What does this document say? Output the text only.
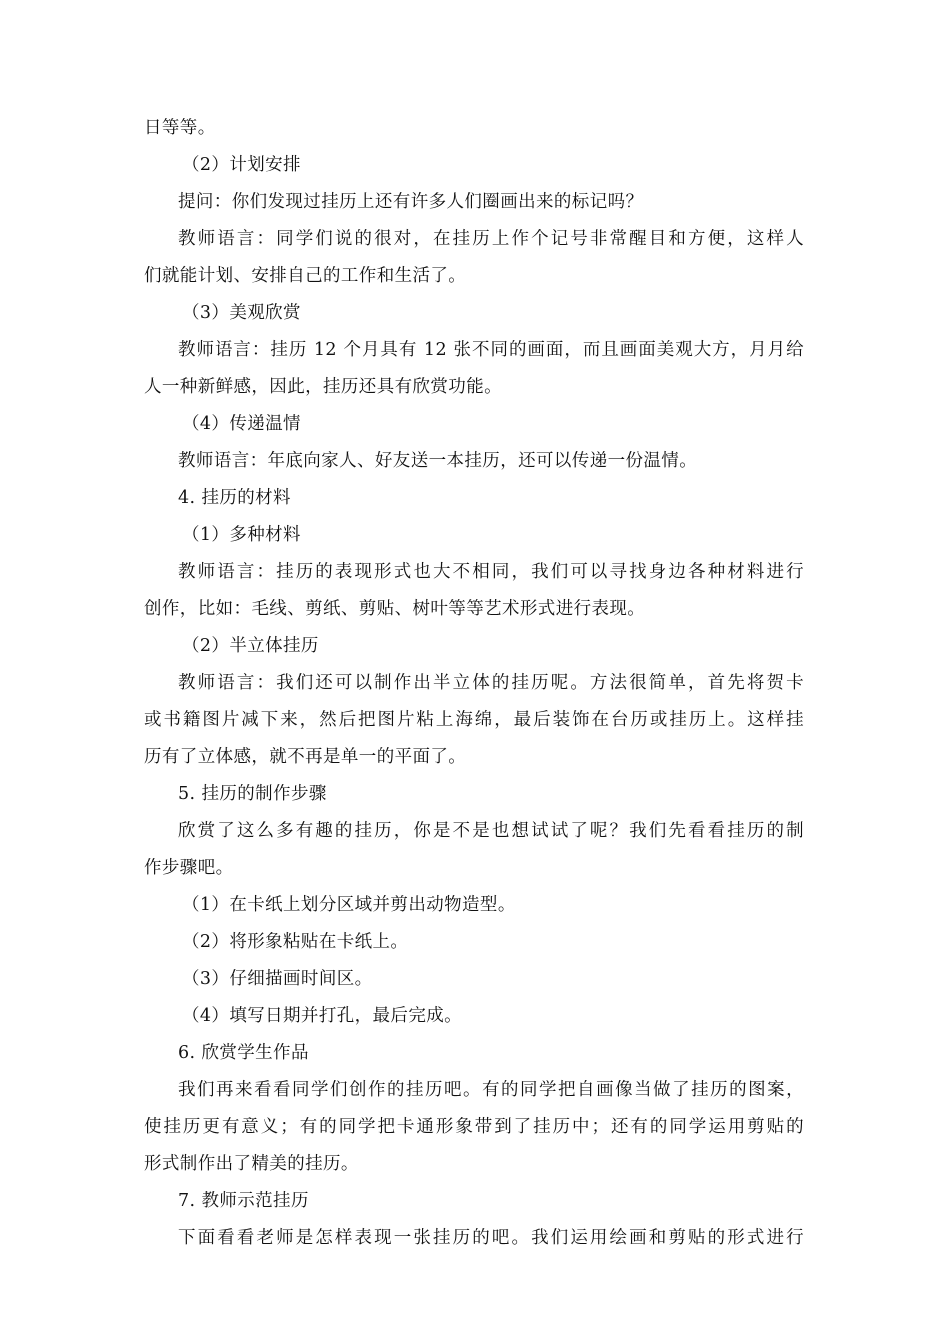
日等等。
（2）计划安排
提问：你们发现过挂历上还有许多人们圈画出来的标记吗？
教师语言：同学们说的很对，在挂历上作个记号非常醒目和方便，这样人
们就能计划、安排自己的工作和生活了。
（3）美观欣赏
教师语言：挂历 12 个月具有 12 张不同的画面，而且画面美观大方，月月给
人一种新鲜感，因此，挂历还具有欣赏功能。
（4）传递温情
教师语言：年底向家人、好友送一本挂历，还可以传递一份温情。
4. 挂历的材料
（1）多种材料
教师语言：挂历的表现形式也大不相同，我们可以寻找身边各种材料进行
创作，比如：毛线、剪纸、剪贴、树叶等等艺术形式进行表现。
（2）半立体挂历
教师语言：我们还可以制作出半立体的挂历呢。方法很简单，首先将贺卡
或书籍图片减下来，然后把图片粘上海绵，最后装饰在台历或挂历上。这样挂
历有了立体感，就不再是单一的平面了。
5. 挂历的制作步骤
欣赏了这么多有趣的挂历，你是不是也想试试了呢？我们先看看挂历的制
作步骤吧。
（1）在卡纸上划分区域并剪出动物造型。
（2）将形象粘贴在卡纸上。
（3）仔细描画时间区。
（4）填写日期并打孔，最后完成。
6. 欣赏学生作品
我们再来看看同学们创作的挂历吧。有的同学把自画像当做了挂历的图案，
使挂历更有意义；有的同学把卡通形象带到了挂历中；还有的同学运用剪贴的
形式制作出了精美的挂历。
7. 教师示范挂历
下面看看老师是怎样表现一张挂历的吧。我们运用绘画和剪贴的形式进行
